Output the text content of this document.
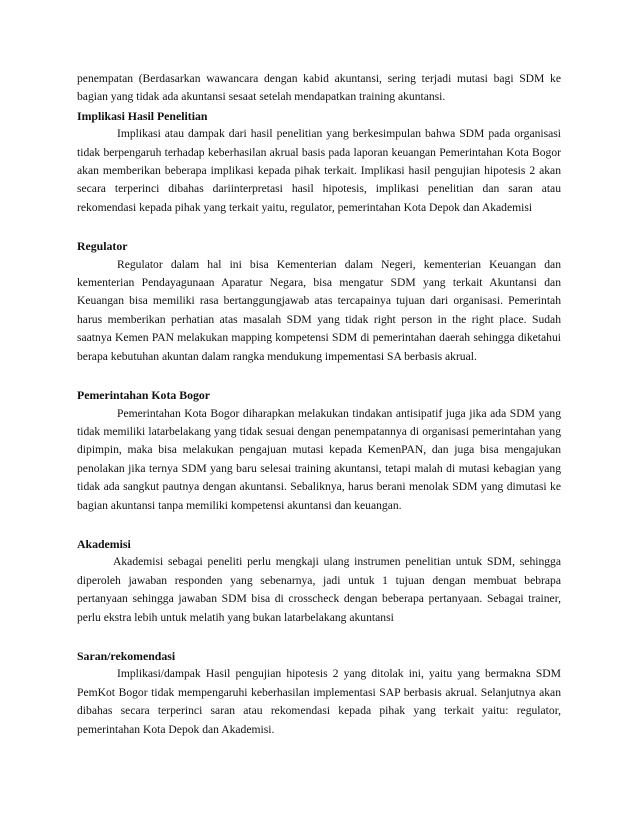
penempatan (Berdasarkan wawancara dengan kabid akuntansi, sering terjadi mutasi bagi SDM ke bagian yang tidak ada akuntansi sesaat setelah mendapatkan training akuntansi.

Implikasi Hasil Penelitian

Implikasi atau dampak dari hasil penelitian yang berkesimpulan bahwa SDM pada organisasi tidak berpengaruh terhadap keberhasilan akrual basis pada laporan keuangan Pemerintahan Kota Bogor akan memberikan beberapa implikasi kepada pihak terkait. Implikasi hasil pengujian hipotesis 2 akan secara terperinci dibahas dariinterpretasi hasil hipotesis, implikasi penelitian dan saran atau rekomendasi kepada pihak yang terkait yaitu, regulator, pemerintahan Kota Depok dan Akademisi

Regulator

Regulator dalam hal ini bisa Kementerian dalam Negeri, kementerian Keuangan dan kementerian Pendayagunaan Aparatur Negara, bisa mengatur SDM yang terkait Akuntansi dan Keuangan bisa memiliki rasa bertanggungjawab atas tercapainya tujuan dari organisasi. Pemerintah harus memberikan perhatian atas masalah SDM yang tidak right person in the right place. Sudah saatnya Kemen PAN melakukan mapping kompetensi SDM di pemerintahan daerah sehingga diketahui berapa kebutuhan akuntan dalam rangka mendukung impementasi SA berbasis akrual.

Pemerintahan Kota Bogor

Pemerintahan Kota Bogor diharapkan melakukan tindakan antisipatif juga jika ada SDM yang tidak memiliki latarbelakang yang tidak sesuai dengan penempatannya di organisasi pemerintahan yang dipimpin, maka bisa melakukan pengajuan mutasi kepada KemenPAN, dan juga bisa mengajukan penolakan jika ternya SDM yang baru selesai training akuntansi, tetapi malah di mutasi kebagian yang tidak ada sangkut pautnya dengan akuntansi. Sebaliknya, harus berani menolak SDM yang dimutasi ke bagian akuntansi tanpa memiliki kompetensi akuntansi dan keuangan.

Akademisi

Akademisi sebagai peneliti perlu mengkaji ulang instrumen penelitian untuk SDM, sehingga diperoleh jawaban responden yang sebenarnya, jadi untuk 1 tujuan dengan membuat bebrapa pertanyaan sehingga jawaban SDM bisa di crosscheck dengan beberapa pertanyaan. Sebagai trainer, perlu ekstra lebih untuk melatih yang bukan latarbelakang akuntansi

Saran/rekomendasi

Implikasi/dampak Hasil pengujian hipotesis 2 yang ditolak ini, yaitu yang bermakna SDM PemKot Bogor tidak mempengaruhi keberhasilan implementasi SAP berbasis akrual. Selanjutnya akan dibahas secara terperinci saran atau rekomendasi kepada pihak yang terkait yaitu: regulator, pemerintahan Kota Depok dan Akademisi.
